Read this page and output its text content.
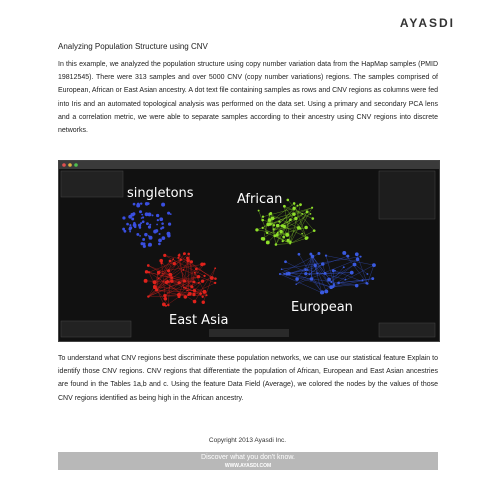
AYASDI
Analyzing Population Structure using CNV
In this example, we analyzed the population structure using copy number variation data from the HapMap samples (PMID 19812545). There were 313 samples and over 5000 CNV (copy number variations) regions. The samples comprised of European, African or East Asian ancestry. A dot text file containing samples as rows and CNV regions as columns were fed into Iris and an automated topological analysis was performed on the data set. Using a primary and secondary PCA lens and a correlation metric, we were able to separate samples according to their ancestry using CNV regions into discrete networks.
singletons	African
East Asia
European
To understand what CNV regions best discriminate these population networks, we can use our statistical feature Explain to identify those CNV regions. CNV regions that differentiate the population of African, European and East Asian ancestries are found in the Tables 1a,b and c. Using the feature Data Field (Average), we colored the nodes by the values of those CNV regions identified as being high in the African ancestry.
Copyright 2013 Ayasdi Inc.
Discover what you don't know.
WWW.AYASDI.COM
